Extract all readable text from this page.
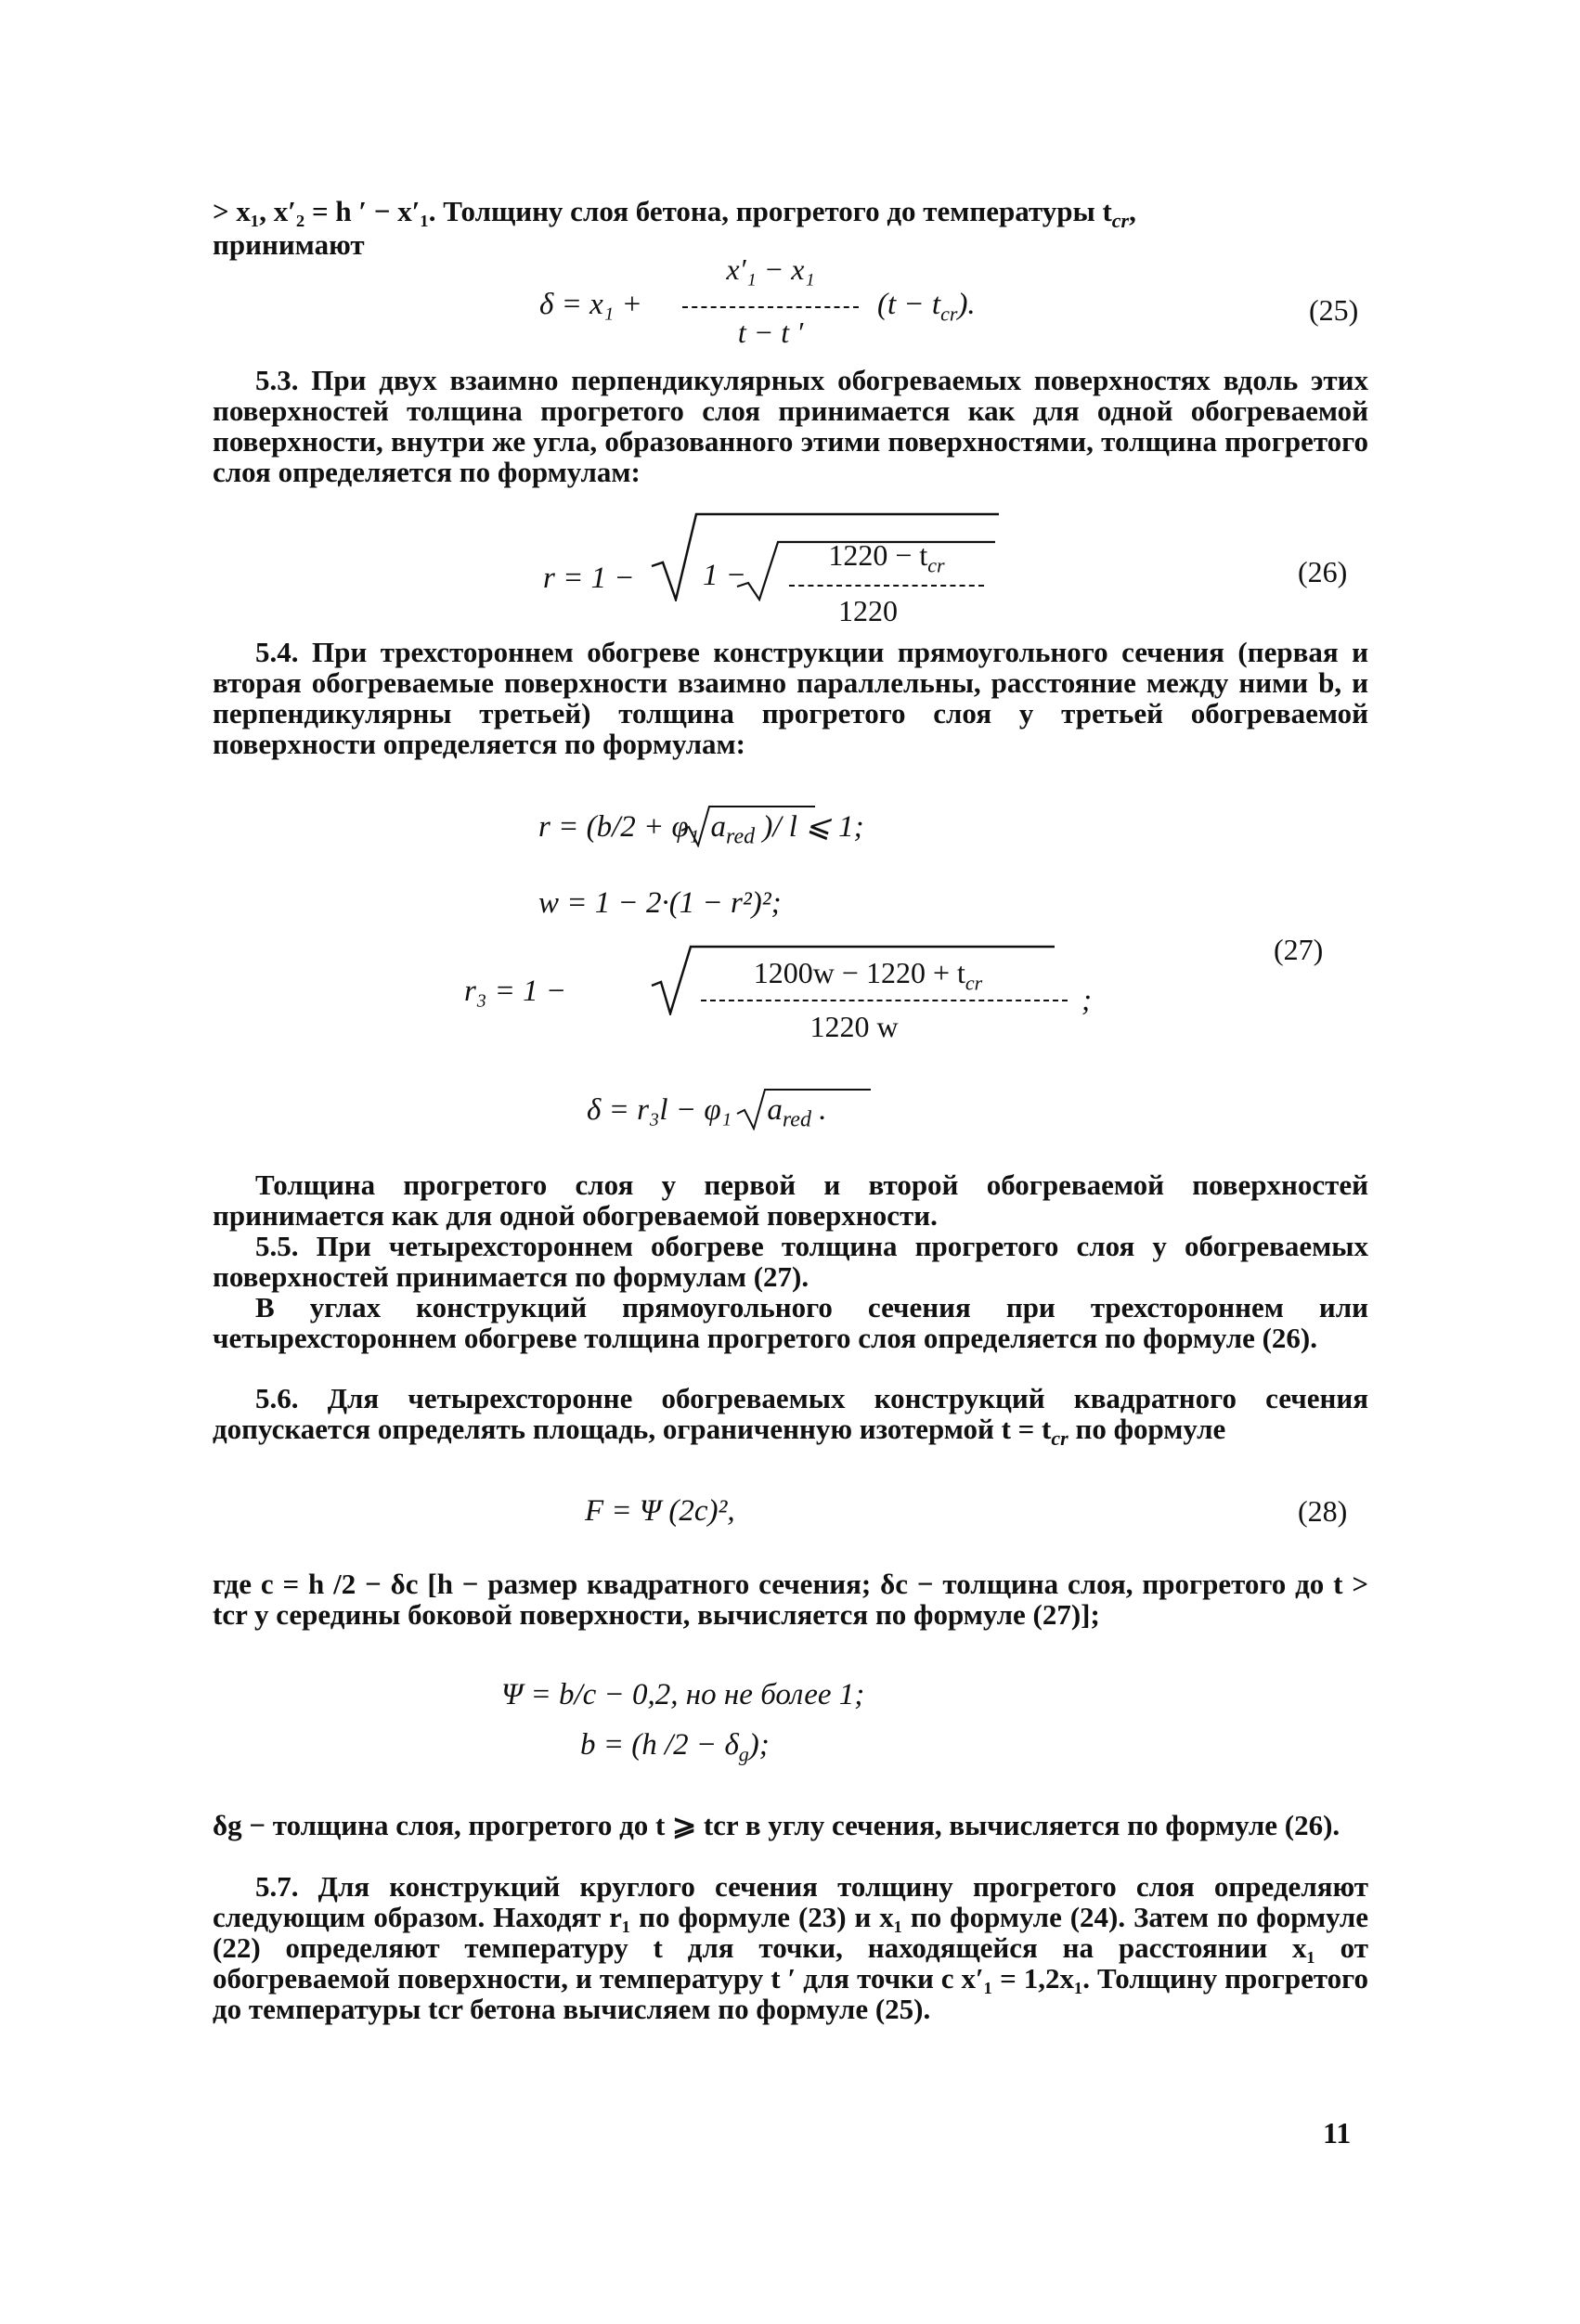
> x₁, x′₂ = h ′ − x′₁. Толщину слоя бетона, прогретого до температуры $t_{cr}$,
принимают
δ = x₁ +
x′₁ − x₁
t − t ′
$(t - t_{cr})$.	(25)

5.3. При двух взаимно перпендикулярных обогреваемых поверхностях вдоль этих поверхностей толщина прогретого слоя принимается как для одной обогреваемой поверхности, внутри же угла, образованного этими поверхностями, толщина прогретого слоя определяется по формулам:

r = 1 − 1 −
$1220 - t_{cr}$
1220
(26)

5.4. При трехстороннем обогреве конструкции прямоугольного сечения (первая и вторая обогреваемые поверхности взаимно параллельны, расстояние между ними b, и перпендикулярны третьей) толщина прогретого слоя у третьей обогреваемой поверхности определяется по формулам:

r = (b/2 + φ₁ $a_{red}$ )/ l ⩽ 1;
w = 1 − 2·(1 − r²)²;
r₃ = 1 −
$1200w - 1220 + t_{cr}$
1220 w
;
δ = r₃l − φ₁ $a_{red}$ .
(27)

Толщина прогретого слоя у первой и второй обогреваемой поверхностей принимается как для одной обогреваемой поверхности.

5.5. При четырехстороннем обогреве толщина прогретого слоя у обогреваемых поверхностей принимается по формулам (27).

В углах конструкций прямоугольного сечения при трехстороннем или четырехстороннем обогреве толщина прогретого слоя определяется по формуле (26).

5.6. Для четырехсторонне обогреваемых конструкций квадратного сечения допускается определять площадь, ограниченную изотермой $t = t_{cr}$ по формуле

F = Ψ (2c)²,	(28)

где c = h /2 − δc [h − размер квадратного сечения; δc − толщина слоя, прогретого до t > tcr у середины боковой поверхности, вычисляется по формуле (27)];

Ψ = b/c − 0,2, но не более 1;
b = (h $/2 - \delta_g$);

δg − толщина слоя, прогретого до t ⩾ tcr в углу сечения, вычисляется по формуле (26).

5.7. Для конструкций круглого сечения толщину прогретого слоя определяют следующим образом. Находят r₁ по формуле (23) и x₁ по формуле (24). Затем по формуле (22) определяют температуру t для точки, находящейся на расстоянии x₁ от обогреваемой поверхности, и температуру t ′ для точки с x′₁ = 1,2x₁. Толщину прогретого до температуры tcr бетона вычисляем по формуле (25).

11
